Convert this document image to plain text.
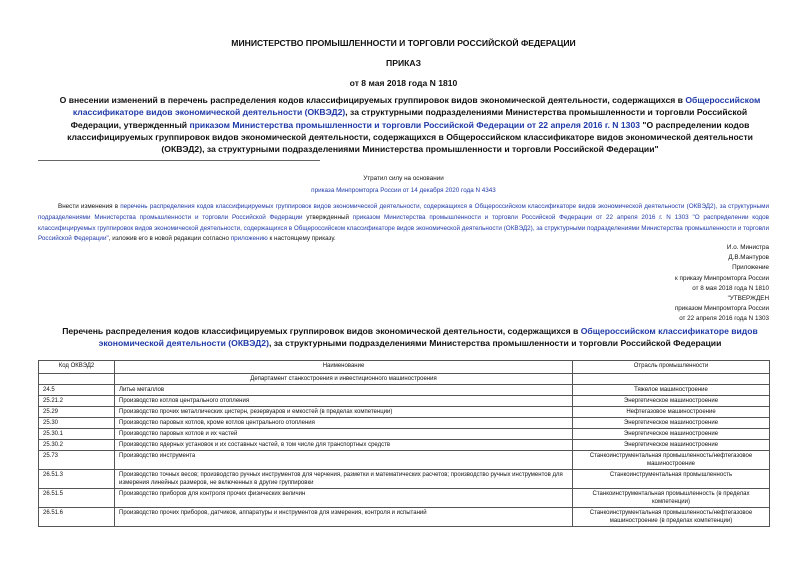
МИНИСТЕРСТВО ПРОМЫШЛЕННОСТИ И ТОРГОВЛИ РОССИЙСКОЙ ФЕДЕРАЦИИ
ПРИКАЗ
от 8 мая 2018 года N 1810
О внесении изменений в перечень распределения кодов классифицируемых группировок видов экономической деятельности, содержащихся в Общероссийском классификаторе видов экономической деятельности (ОКВЭД2), за структурными подразделениями Министерства промышленности и торговли Российской Федерации, утвержденный приказом Министерства промышленности и торговли Российской Федерации от 22 апреля 2016 г. N 1303 "О распределении кодов классифицируемых группировок видов экономической деятельности, содержащихся в Общероссийском классификаторе видов экономической деятельности (ОКВЭД2), за структурными подразделениями Министерства промышленности и торговли Российской Федерации"
Утратил силу на основании
приказа Минпромторга России от 14 декабря 2020 года N 4343
Внести изменения в перечень распределения кодов классифицируемых группировок видов экономической деятельности, содержащихся в Общероссийском классификаторе видов экономической деятельности (ОКВЭД2), за структурными подразделениями Министерства промышленности и торговли Российской Федерации утвержденный приказом Министерства промышленности и торговли Российской Федерации от 22 апреля 2016 г. N 1303 "О распределении кодов классифицируемых группировок видов экономической деятельности, содержащихся в Общероссийском классификаторе видов экономической деятельности (ОКВЭД2), за структурными подразделениями Министерства промышленности и торговли Российской Федерации", изложив его в новой редакции согласно приложению к настоящему приказу.
И.о. Министра
Д.В.Мантуров
Приложение
к приказу Минпромторга России
от 8 мая 2018 года N 1810
"УТВЕРЖДЕН
приказом Минпромторга России
от 22 апреля 2016 года N 1303
Перечень распределения кодов классифицируемых группировок видов экономической деятельности, содержащихся в Общероссийском классификаторе видов экономической деятельности (ОКВЭД2), за структурными подразделениями Министерства промышленности и торговли Российской Федерации
Код ОКВЭД2	Наименование	Отрасль промышленности
	Департамент станкостроения и инвестиционного машиностроения	
24.5	Литье металлов	Тяжелое машиностроение
25.21.2	Производство котлов центрального отопления	Энергетическое машиностроение
25.29	Производство прочих металлических цистерн, резервуаров и емкостей (в пределах компетенции)	Нефтегазовое машиностроение
25.30	Производство паровых котлов, кроме котлов центрального отопления	Энергетическое машиностроение
25.30.1	Производство паровых котлов и их частей	Энергетическое машиностроение
25.30.2	Производство ядерных установок и их составных частей, в том числе для транспортных средств	Энергетическое машиностроение
25.73	Производство инструмента	Станкоинструментальная промышленность/нефтегазовое машиностроение
26.51.3	Производство точных весов; производство ручных инструментов для черчения, разметки и математических расчетов; производство ручных инструментов для измерения линейных размеров, не включенных в другие группировки	Станкоинструментальная промышленность
26.51.5	Производство приборов для контроля прочих физических величин	Станкоинструментальная промышленность (в пределах компетенции)
26.51.6	Производство прочих приборов, датчиков, аппаратуры и инструментов для измерения, контроля и испытаний	Станкоинструментальная промышленность/нефтегазовое машиностроение (в пределах компетенции)
